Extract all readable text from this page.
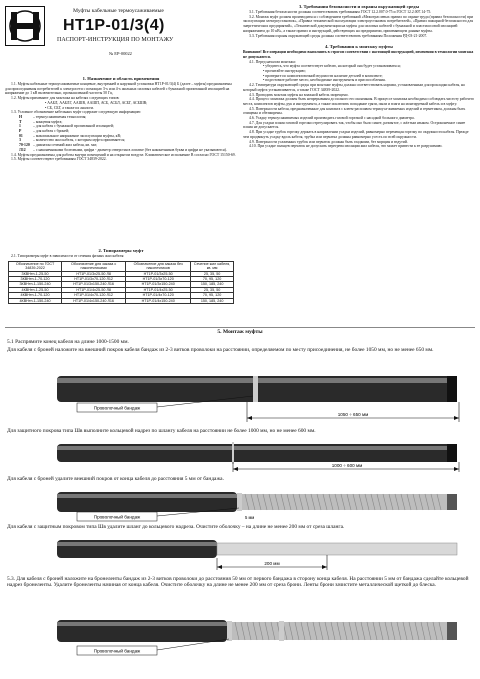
Муфты кабельные термоусаживаемые
НТ1Р-01/3(4)
ПАСПОРТ-ИНСТРУКЦИЯ ПО МОНТАЖУ
№ ЕР-00022
1. Назначение и область применения
1.1. Муфты кабельные термоусаживаемые концевые, внутренней и наружной установки НТ1Р-01/3(4) Б (далее – муфты) предназначены для присоединения потребителей к электросети с помощью 3-х или 4-х жильных силовых кабелей с бумажной пропитанной изоляцией на напряжение до 1 кВ включительно, промышленной частоты 50 Гц.
1.2. Муфты применяют для монтажа на кабелях следующих типов:
• ААБЛ, ААБЛГ, ААШВ, ААШП, АСБ, АСБЛ, АСБГ, АСБШВ;
• СБ, СБГ, а также их аналоги.
1.3. Условное обозначение кабельных муфт содержит следующую информацию:
Н	– термоусаживаемая технология;
Т	– концевая муфта;
1	– для кабеля с бумажной пропитанной изоляцией;
Р	– для кабеля с броней;
01	– максимальное напряжение эксплуатации муфты, кВ;
3	– количество жил кабеля, с которым муфта применяется;
70-120 – диапазон сечений жил кабеля, кв. мм;
Л12	– с наконечниками болтовыми, цифра - диаметр отверстия в лопатке (без наконечников буква и цифра не указываются).
1.4. Муфты предназначены для работы внутри помещений и на открытом воздухе. Климатическое исполнение В согласно ГОСТ 15150-69.
1.5. Муфты соответствуют требованиям ГОСТ 34839-2022.
2. Типоразмеры муфт
2.1. Типоразмеры муфт в зависимости от сечения фазных жил кабеля:
Обозначение по ГОСТ 34839-2022	Обозначение для заказа с наконечниками	Обозначение для заказа без наконечников	Сечение жил кабеля, кв. мм
3КВНтп-1-25-50	НТ1Р-01/3х25-50 Л8	НТ1Р-01/3х25-50	25, 35, 50
3КВНтп-1-70-120	НТ1Р-01/3х70-120 Л12	НТ1Р-01/3х70-120	70, 95, 120
3КВНтп-1-150-240	НТ1Р-01/3х150-240 Л16	НТ1Р-01/3х150-240	150, 185, 240
4КВНтп-1-25-50	НТ1Р-01/4х25-50 Л8	НТ1Р-01/4х25-50	25, 35, 50
4КВНтп-1-70-120	НТ1Р-01/4х70-120 Л12	НТ1Р-01/4х70-120	70, 95, 120
4КВНтп-1-150-240	НТ1Р-01/4х150-240 Л16	НТ1Р-01/4х150-240	150, 185, 240
3. Требования безопасности и охраны окружающей среды
3.1. Требования безопасности должны соответствовать требованиям ГОСТ 12.2.007.0-75 и ГОСТ 12.2.007.14-75.
3.2. Монтаж муфт должен производиться с соблюдением требований «Межотраслевых правил по охране труда (правил безопасности) при эксплуатации электроустановок», «Правил технической эксплуатации электроустановок потребителей», «Правил пожарной безопасности для энергетических предприятий», «Технической документации на муфты для силовых кабелей с бумажной и пластмассовой изоляцией напряжением до 10 кВ», а также правил и инструкций, действующих на предприятии, применяющем данные муфты.
3.3. Требования охраны окружающей среды должны соответствовать требованиям Положения РД-03-21-2007.
4. Требования к монтажу муфты
Внимание! Все операции необходимо выполнять в строгом соответствии с настоящей инструкцией, изменения в технологии монтажа не допускаются.
4.1. Перед началом монтажа:
• убедитесь, что муфта соответствует кабелю, на который она будет устанавливаться;
• прочитайте инструкцию;
• проверьте по комплектовочной ведомости наличие деталей в комплекте;
• подготовьте рабочее место, необходимые инструменты и приспособления.
4.2. Температура окружающей среды при монтаже муфты должна соответствовать нормам, установленным для прокладки кабеля, на который муфта устанавливается, а также ГОСТ 34839-2022.
4.3. Проводить монтаж муфты на влажной кабель запрещено.
4.4. Процесс монтажа должен быть непрерывным до полного его окончания. В процессе монтажа необходимо соблюдать чистоту рабочего места, комплектов муфты, рук и инструмента, а также исключить попадание грязи, пыли и влаги на монтируемый кабель и в муфту.
4.5. Поверхности кабеля, предназначенные для контакта с клеем-расплавом термоуса-живаемых изделий и герметиком, должны быть очищены и обезжирены.
4.6. Усадку термоусаживаемых изделий производить газовой горелкой с насадкой большого диаметра.
4.7. Для усадки пламя газовой горелки отрегулировать так, чтобы оно было синее, размытое, с жёлтым языком. Остроконечное синее пламя не допускается.
4.8. При усадке трубок горелку держать в направлении усадки изделий, равномерно перемещая горелку по окружности кабеля. Прежде чем продвинуть усадку вдоль кабеля, трубка или перчатка должны равномерно усесть по всей окружности.
4.9. Поверхности усаженных трубок или перчаток должны быть гладкими, без морщин и вздутий.
4.10. При усадке пальцев перчаток не допускать перегрева изоляции жил кабеля, что может привести к ее разрушению.
5. Монтаж муфты
5.1 Распрямите конец кабеля на длине 1000-1500 мм.
Для кабеля с броней наложите на внешний покров кабеля бандаж из 2-3 витков проволоки на расстоянии, определяемом по месту присоединения, не более 1050 мм, но не менее 650 мм.
Проволочный бандаж
1050 ÷ 650 мм
Для защитного покрова типа Шв выполните кольцевой надрез по шлангу кабеля на расстоянии не более 1000 мм, но не менее 600 мм.
1000 ÷ 600 мм
Для кабеля с броней удалите внешний покров от конца кабеля до расстояния 5 мм от бандажа.
Проволочный бандаж	5 мм
Для кабеля с защитным покровом типа Шв удалите шланг до кольцевого надреза. Очистите оболочку – на длине не менее 200 мм от среза шланга.
200 мм
5.3. Для кабеля с броней наложите на бронеленты бандаж из 2-3 витков проволоки до расстояния 50 мм от первого бандажа в сторону конца кабеля. На расстоянии 5 мм от бандажа сделайте кольцевой надрез бронеленты. Удалите бронеленты начиная от конца кабеля. Очистите оболочку на длине не менее 200 мм от среза брони. Ленты брони зачистите металлической щеткой до блеска.
Проволочный бандаж
